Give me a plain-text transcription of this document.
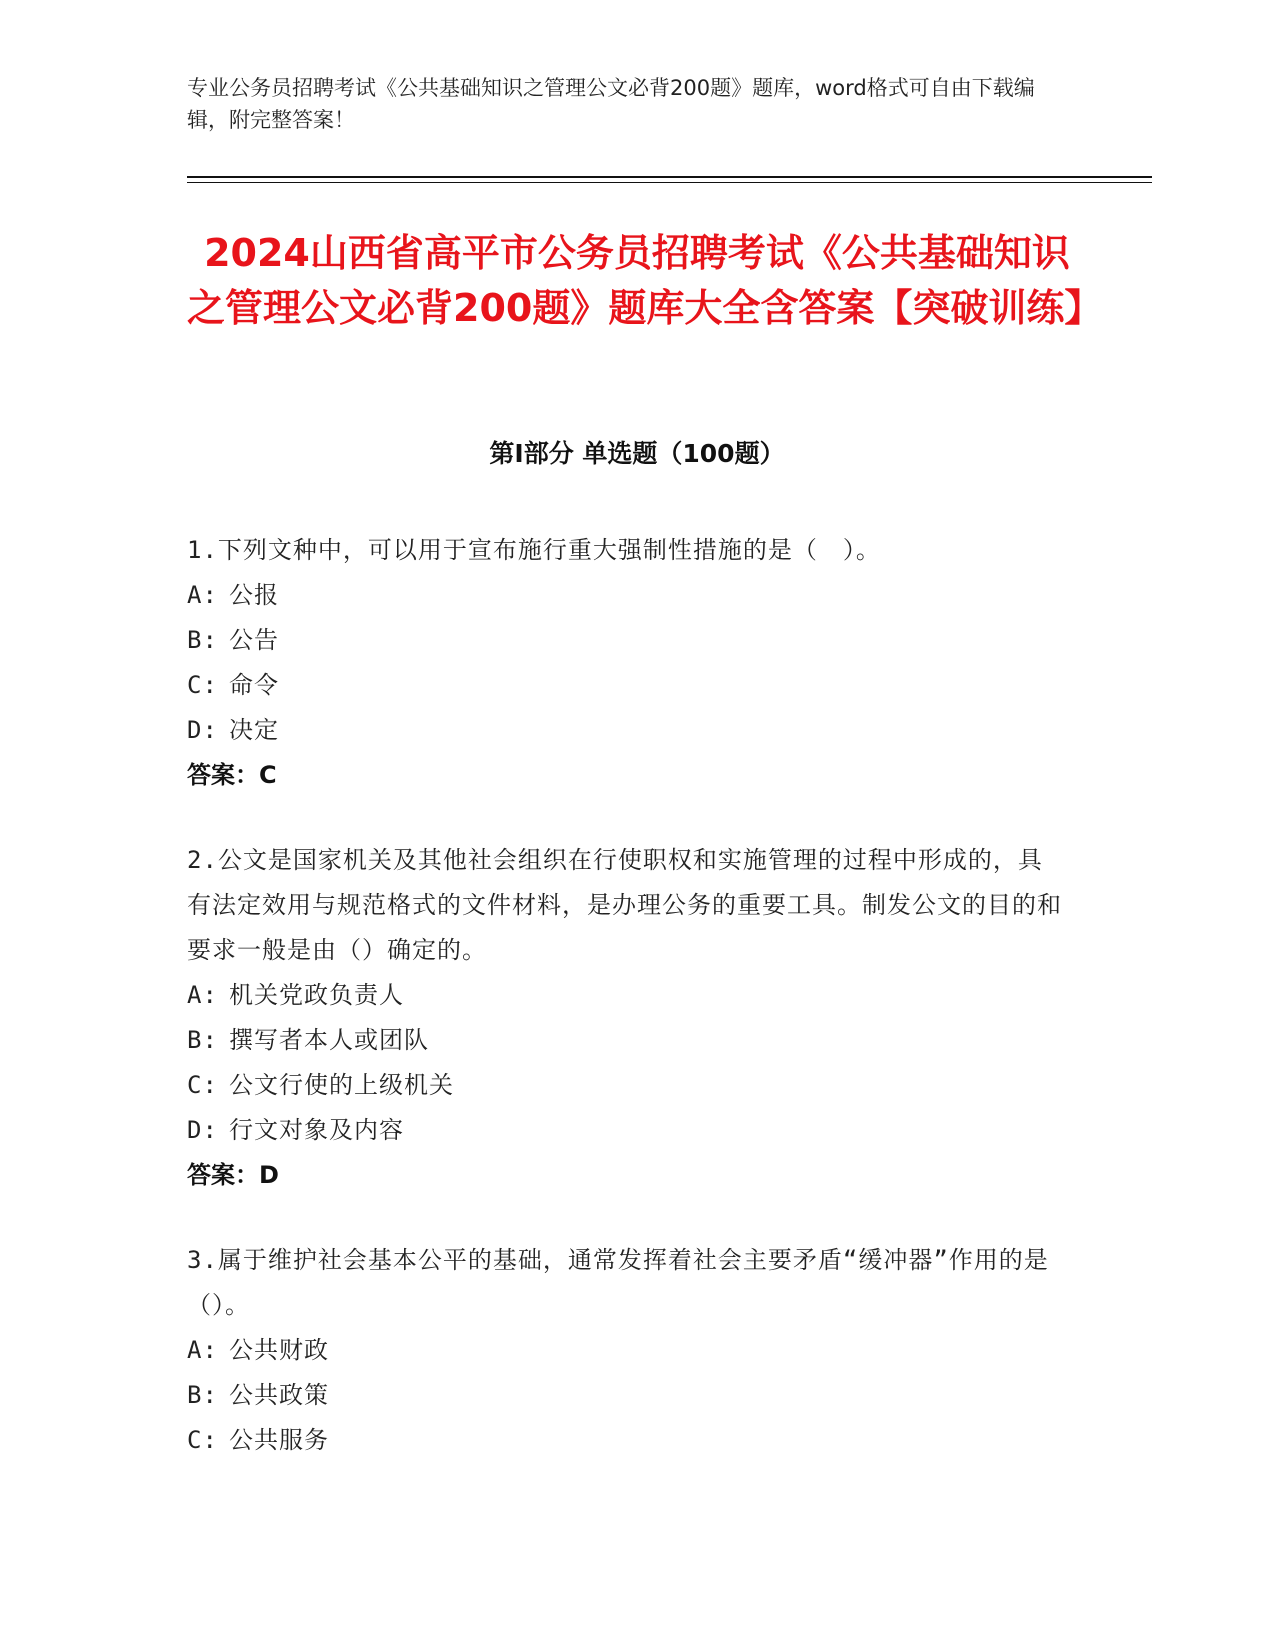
专业公务员招聘考试《公共基础知识之管理公文必背200题》题库，word格式可自由下载编辑，附完整答案！
2024山西省高平市公务员招聘考试《公共基础知识之管理公文必背200题》题库大全含答案【突破训练】
第Ⅰ部分 单选题（100题）
1.下列文种中，可以用于宣布施行重大强制性措施的是（　）。
A: 公报
B: 公告
C: 命令
D: 决定
答案：C
2.公文是国家机关及其他社会组织在行使职权和实施管理的过程中形成的，具有法定效用与规范格式的文件材料，是办理公务的重要工具。制发公文的目的和要求一般是由（）确定的。
A: 机关党政负责人
B: 撰写者本人或团队
C: 公文行使的上级机关
D: 行文对象及内容
答案：D
3.属于维护社会基本公平的基础，通常发挥着社会主要矛盾“缓冲器”作用的是（）。
A: 公共财政
B: 公共政策
C: 公共服务
